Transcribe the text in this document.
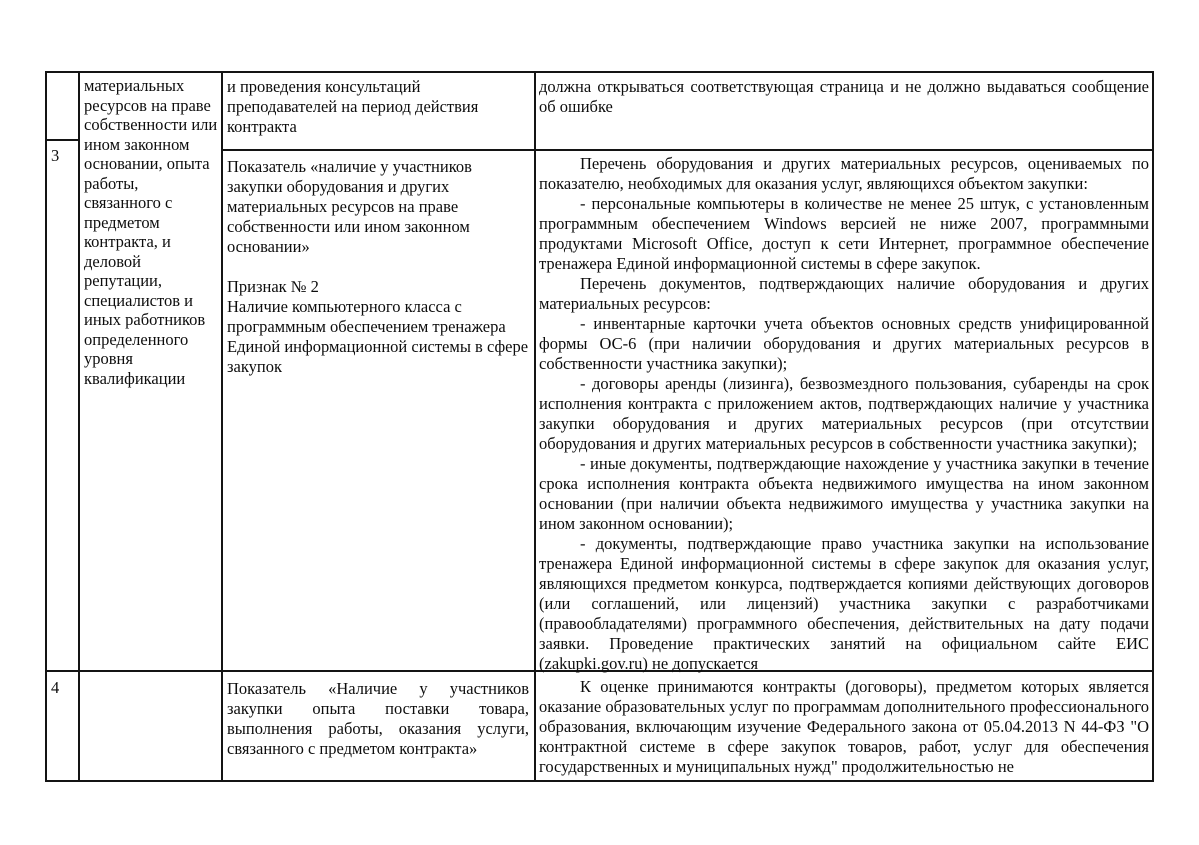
материальных ресурсов на праве собственности или ином законном основании, опыта работы, связанного с предметом контракта, и деловой репутации, специалистов и иных работников определенного уровня квалификации
и проведения консультаций преподавателей на период действия контракта
должна открываться соответствующая страница и не должно выдаваться сообщение об ошибке
3

Показатель «наличие у участников закупки оборудования и других материальных ресурсов на праве собственности или ином законном основании»

Признак № 2

Наличие компьютерного класса с программным обеспечением тренажера Единой информационной системы в сфере закупок

Перечень оборудования и других материальных ресурсов, оцениваемых по показателю, необходимых для оказания услуг, являющихся объектом закупки:

- персональные компьютеры в количестве не менее 25 штук, с установленным программным обеспечением Windows версией не ниже 2007, программными продуктами Microsoft Office, доступ к сети Интернет, программное обеспечение тренажера Единой информационной системы в сфере закупок.

Перечень документов, подтверждающих наличие оборудования и других материальных ресурсов:

- инвентарные карточки учета объектов основных средств унифицированной формы ОС-6 (при наличии оборудования и других материальных ресурсов в собственности участника закупки);

- договоры аренды (лизинга), безвозмездного пользования, субаренды на срок исполнения контракта с приложением актов, подтверждающих наличие у участника закупки оборудования и других материальных ресурсов (при отсутствии оборудования и других материальных ресурсов в собственности участника закупки);

- иные документы, подтверждающие нахождение у участника закупки в течение срока исполнения контракта объекта недвижимого имущества на ином законном основании (при наличии объекта недвижимого имущества у участника закупки на ином законном основании);

- документы, подтверждающие право участника закупки на использование тренажера Единой информационной системы в сфере закупок для оказания услуг, являющихся предметом конкурса, подтверждается копиями действующих договоров (или соглашений, или лицензий) участника закупки с разработчиками (правообладателями) программного обеспечения, действительных на дату подачи заявки. Проведение практических занятий на официальном сайте ЕИС (zakupki.gov.ru) не допускается

4	Показатель «Наличие у участников закупки опыта поставки товара, выполнения работы, оказания услуги, связанного с предметом контракта»

К оценке принимаются контракты (договоры), предметом которых является оказание образовательных услуг по программам дополнительного профессионального образования, включающим изучение Федерального закона от 05.04.2013 N 44-ФЗ "О контрактной системе в сфере закупок товаров, работ, услуг для обеспечения государственных и муниципальных нужд" продолжительностью не
